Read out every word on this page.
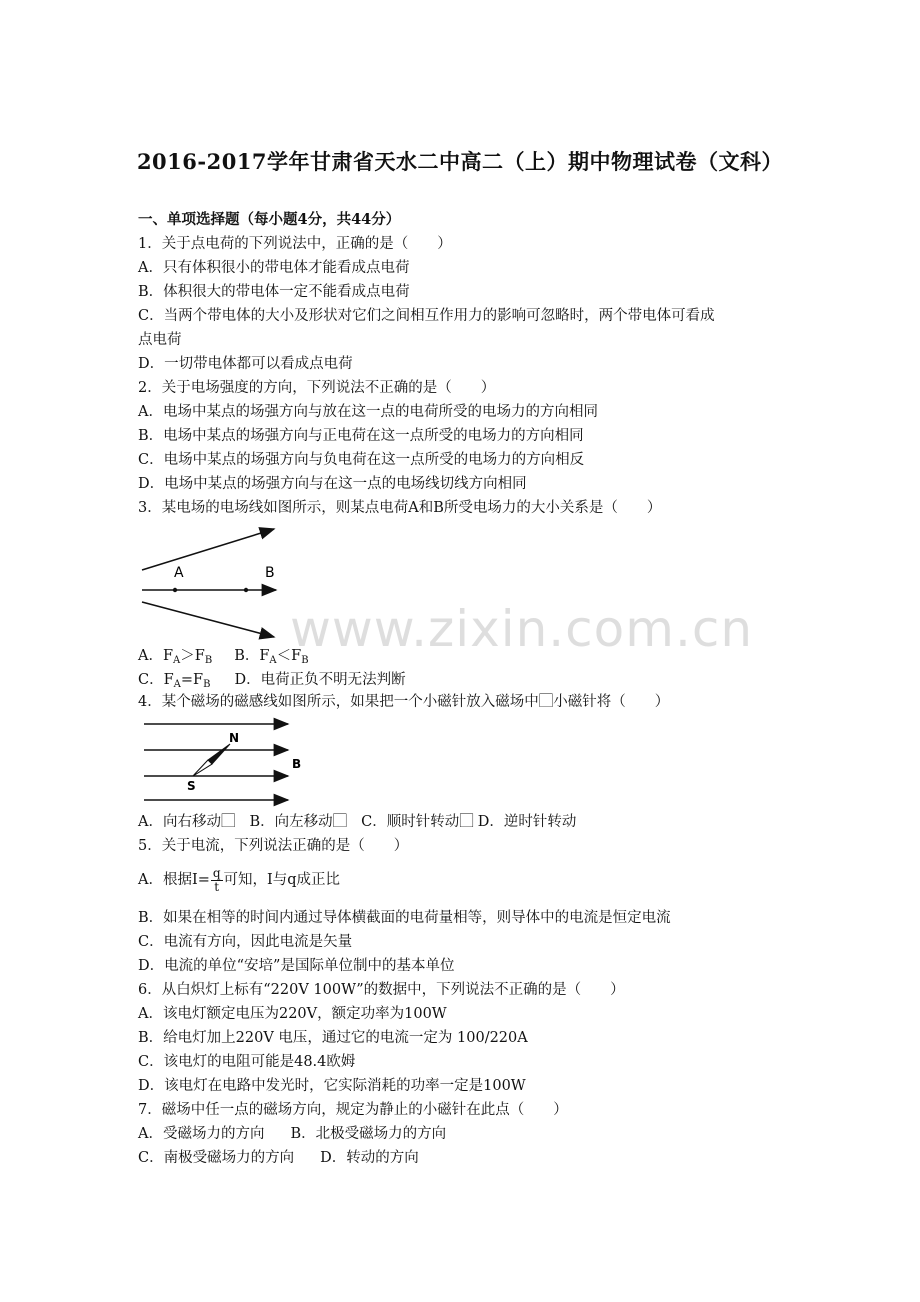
2016-2017学年甘肃省天水二中高二（上）期中物理试卷（文科）
一、单项选择题（每小题4分，共44分）
1．关于点电荷的下列说法中，正确的是（　　）
A．只有体积很小的带电体才能看成点电荷
B．体积很大的带电体一定不能看成点电荷
C．当两个带电体的大小及形状对它们之间相互作用力的影响可忽略时，两个带电体可看成
点电荷
D．一切带电体都可以看成点电荷
2．关于电场强度的方向，下列说法不正确的是（　　）
A．电场中某点的场强方向与放在这一点的电荷所受的电场力的方向相同
B．电场中某点的场强方向与正电荷在这一点所受的电场力的方向相同
C．电场中某点的场强方向与负电荷在这一点所受的电场力的方向相反
D．电场中某点的场强方向与在这一点的电场线切线方向相同
3．某电场的电场线如图所示，则某点电荷A和B所受电场力的大小关系是（　　）
A	B
A．$F_A>F_B$ B．$F_A<F_B$
C．$F_A=F_B$ D．电荷正负不明无法判断
4．某个磁场的磁感线如图所示，如果把一个小磁针放入磁场中⃞小磁针将（　　）
N
S
B
A．向右移动⃞ B．向左移动⃞ C．顺时针转动⃞ D．逆时针转动
5．关于电流，下列说法正确的是（　　）
A．根据$I= \frac{q}{t}$ 可知，I与q成正比
B．如果在相等的时间内通过导体横截面的电荷量相等，则导体中的电流是恒定电流
C．电流有方向，因此电流是矢量
D．电流的单位“安培”是国际单位制中的基本单位
6．从白炽灯上标有“220V 100W”的数据中，下列说法不正确的是（　　）
A．该电灯额定电压为220V，额定功率为100W
B．给电灯加上220V 电压，通过它的电流一定为 100/220A
C．该电灯的电阻可能是48.4欧姆
D．该电灯在电路中发光时，它实际消耗的功率一定是100W
7．磁场中任一点的磁场方向，规定为静止的小磁针在此点（　　）
A．受磁场力的方向 B．北极受磁场力的方向
C．南极受磁场力的方向 D．转动的方向
www.zixin.com.cn
